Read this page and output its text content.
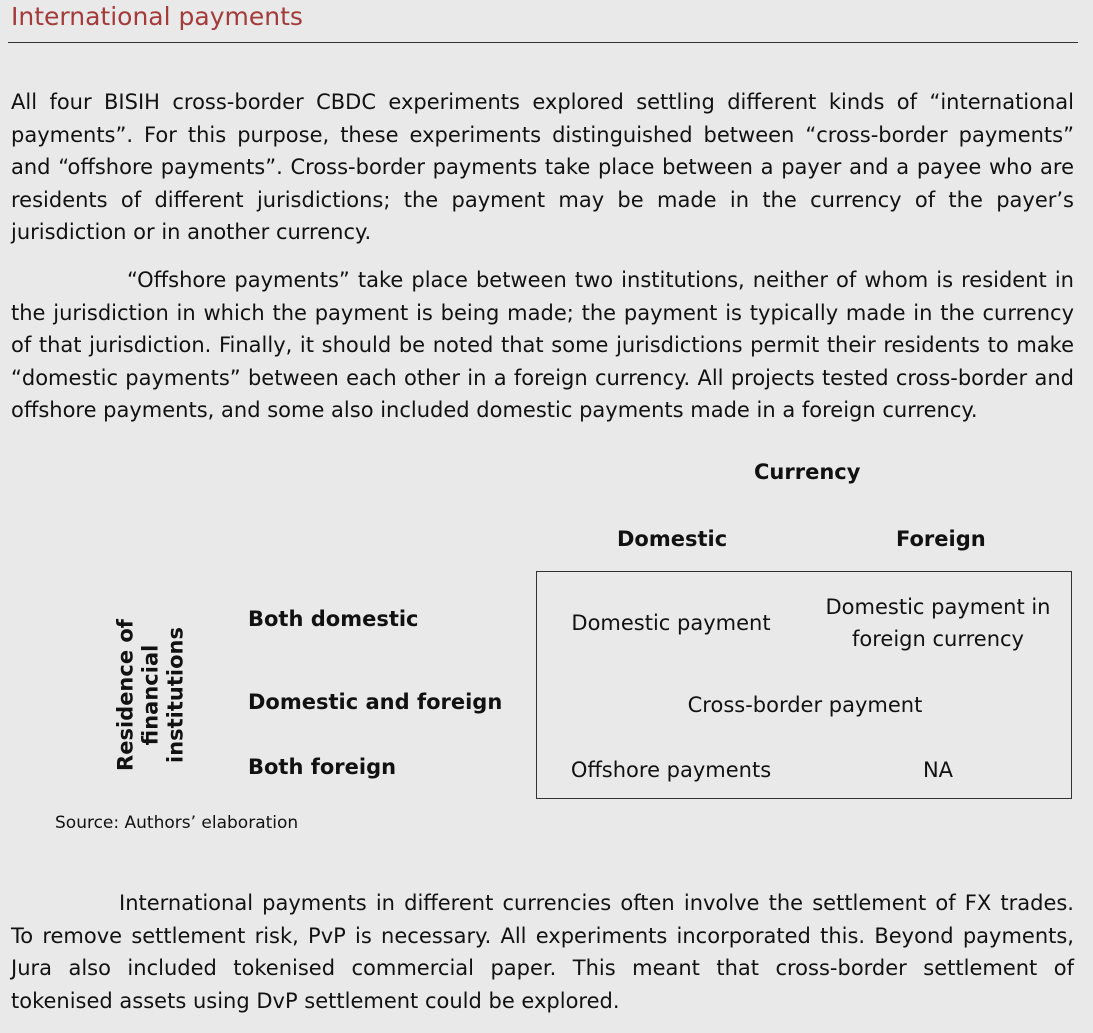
International payments

All four BISIH cross-border CBDC experiments explored settling different kinds of “international payments”. For this purpose, these experiments distinguished between “cross-border payments” and “offshore payments”. Cross-border payments take place between a payer and a payee who are residents of different jurisdictions; the payment may be made in the currency of the payer’s jurisdiction or in another currency.

“Offshore payments” take place between two institutions, neither of whom is resident in the jurisdiction in which the payment is being made; the payment is typically made in the currency of that jurisdiction. Finally, it should be noted that some jurisdictions permit their residents to make “domestic payments” between each other in a foreign currency. All projects tested cross-border and offshore payments, and some also included domestic payments made in a foreign currency.

Currency
Domestic	Foreign
Residence of financial institutions
Both domestic
Domestic and foreign
Both foreign
Domestic payment
Domestic payment in foreign currency
Cross-border payment
Offshore payments	NA
Source: Authors’ elaboration

International payments in different currencies often involve the settlement of FX trades. To remove settlement risk, PvP is necessary. All experiments incorporated this. Beyond payments, Jura also included tokenised commercial paper. This meant that cross-border settlement of tokenised assets using DvP settlement could be explored.
